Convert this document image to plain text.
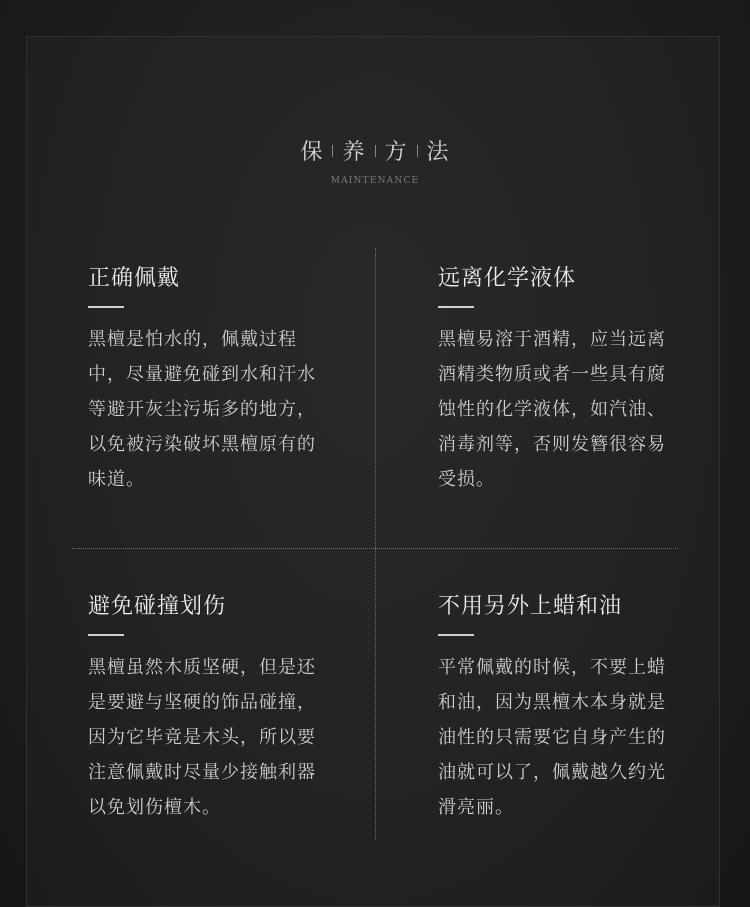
保 养 方 法
MAINTENANCE
正确佩戴
黑檀是怕水的，佩戴过程中，尽量避免碰到水和汗水等避开灰尘污垢多的地方，以免被污染破坏黑檀原有的味道。
远离化学液体
黑檀易溶于酒精，应当远离酒精类物质或者一些具有腐蚀性的化学液体，如汽油、消毒剂等，否则发簪很容易受损。
避免碰撞划伤
黑檀虽然木质坚硬，但是还是要避与坚硬的饰品碰撞，因为它毕竟是木头，所以要注意佩戴时尽量少接触利器以免划伤檀木。
不用另外上蜡和油
平常佩戴的时候，不要上蜡和油，因为黑檀木本身就是油性的只需要它自身产生的油就可以了，佩戴越久约光滑亮丽。
